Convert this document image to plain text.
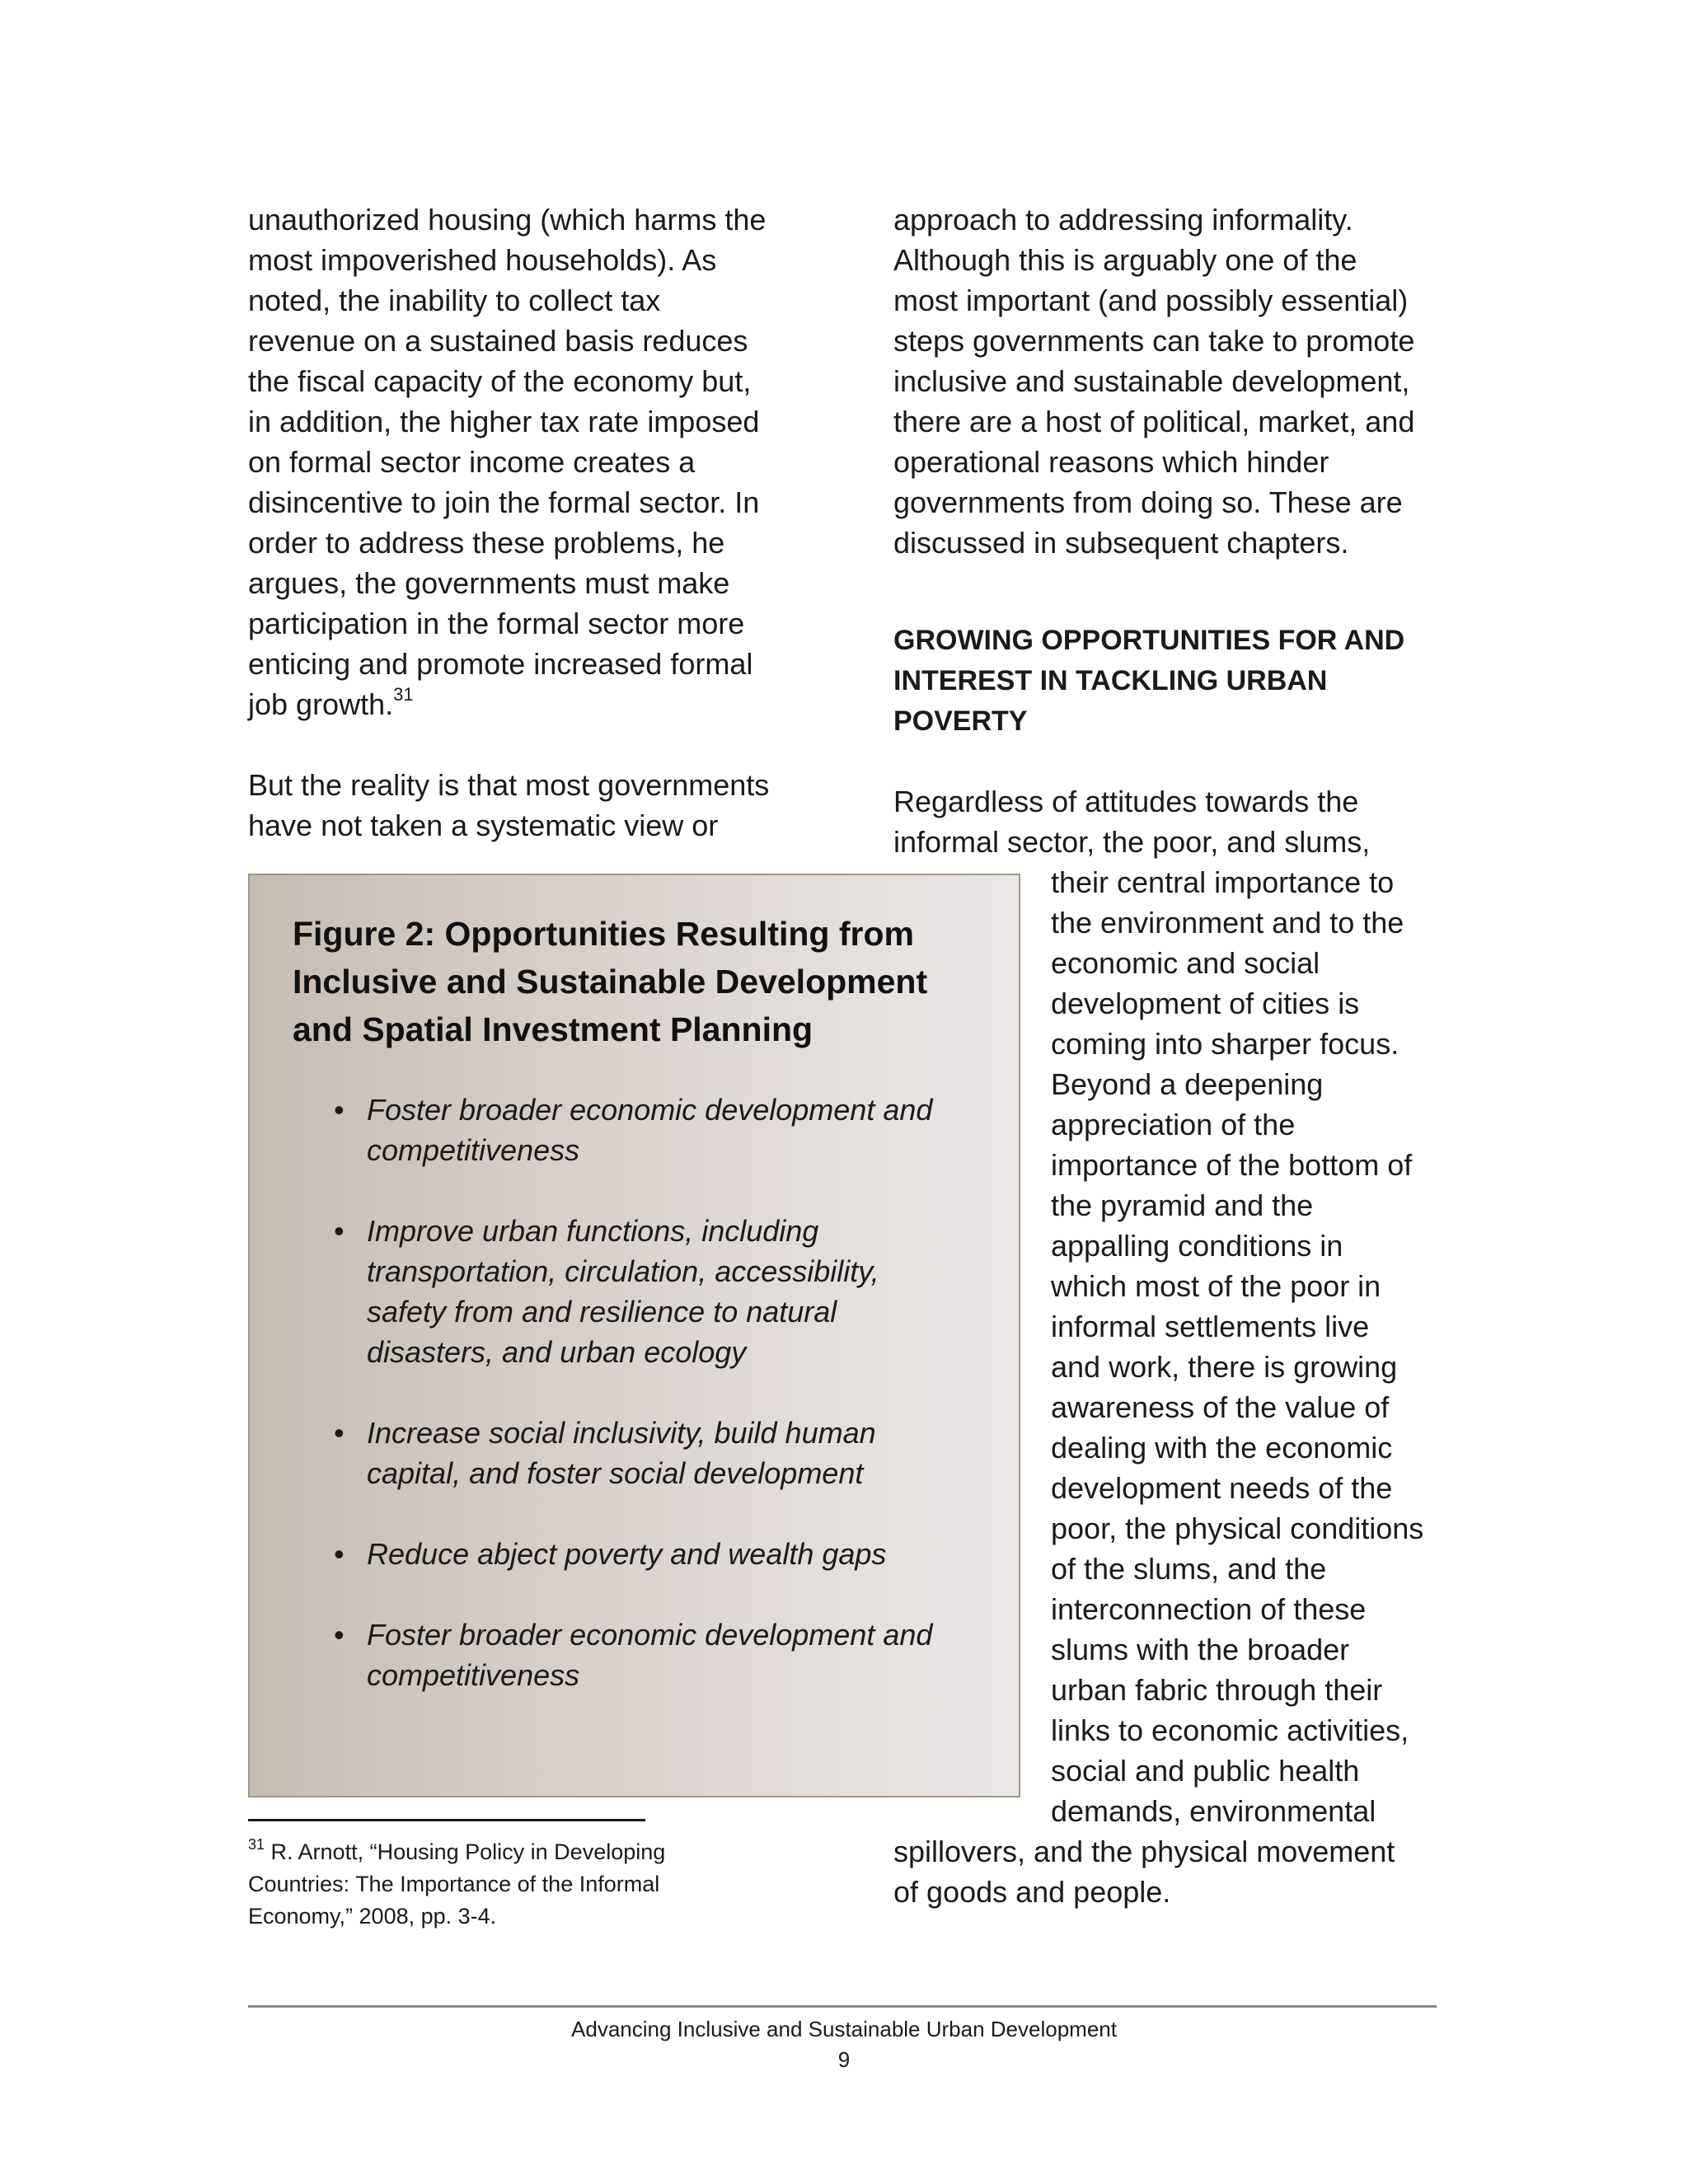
unauthorized housing (which harms the
most impoverished households). As
noted, the inability to collect tax
revenue on a sustained basis reduces
the fiscal capacity of the economy but,
in addition, the higher tax rate imposed
on formal sector income creates a
disincentive to join the formal sector. In
order to address these problems, he
argues, the governments must make
participation in the formal sector more
enticing and promote increased formal
job growth.$^{31}$

But the reality is that most governments
have not taken a systematic view or

approach to addressing informality.
Although this is arguably one of the
most important (and possibly essential)
steps governments can take to promote
inclusive and sustainable development,
there are a host of political, market, and
operational reasons which hinder
governments from doing so. These are
discussed in subsequent chapters.

GROWING OPPORTUNITIES FOR AND
INTEREST IN TACKLING URBAN
POVERTY
Regardless of attitudes towards the
informal sector, the poor, and slums,
their central importance to
the environment and to the
economic and social
development of cities is
coming into sharper focus.
Beyond a deepening
appreciation of the
importance of the bottom of
the pyramid and the
appalling conditions in
which most of the poor in
informal settlements live
and work, there is growing
awareness of the value of
dealing with the economic
development needs of the
poor, the physical conditions
of the slums, and the
interconnection of these
slums with the broader
urban fabric through their
links to economic activities,
social and public health
demands, environmental
spillovers, and the physical movement
of goods and people.
Figure 2: Opportunities Resulting from
Inclusive and Sustainable Development
and Spatial Investment Planning
• Foster broader economic development and
competitiveness
• Improve urban functions, including
transportation, circulation, accessibility,
safety from and resilience to natural
disasters, and urban ecology
• Increase social inclusivity, build human
capital, and foster social development
• Reduce abject poverty and wealth gaps
• Foster broader economic development and
competitiveness
$^{31}$ R. Arnott, “Housing Policy in Developing
Countries: The Importance of the Informal
Economy,” 2008, pp. 3-4.
Advancing Inclusive and Sustainable Urban Development
9
